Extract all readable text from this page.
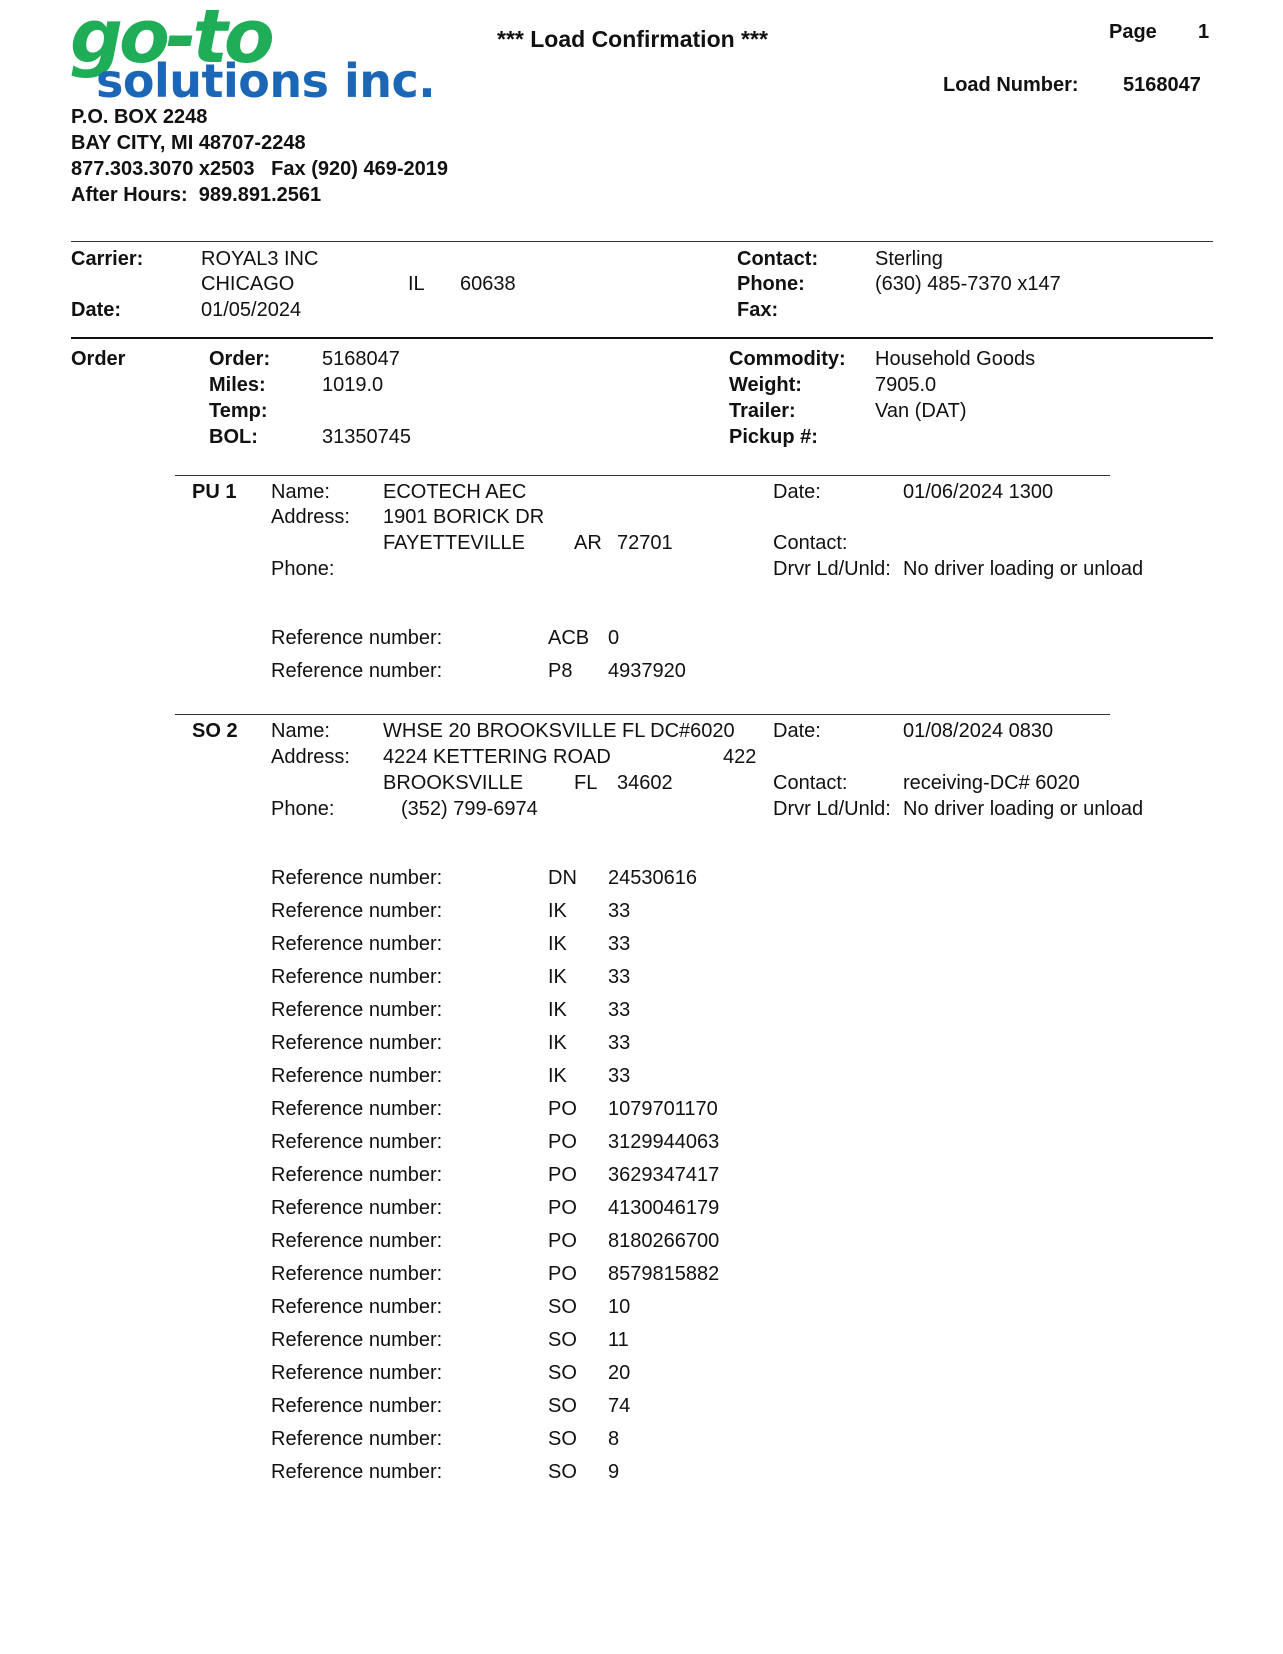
go-to
solutions inc.
P.O. BOX 2248
BAY CITY, MI 48707-2248
877.303.3070 x2503   Fax (920) 469-2019
After Hours:  989.891.2561
*** Load Confirmation ***	Page 1
Load Number: 5168047
Carrier:	ROYAL3 INC
CHICAGO	IL 60638
Date:	01/05/2024
Contact:	Sterling
Phone:	(630) 485-7370 x147
Fax:
Order	Order:	5168047
Miles:	1019.0
Temp:
BOL:	31350745
Commodity: Household Goods
Weight:	7905.0
Trailer:	Van (DAT)
Pickup #:
PU 1 Name:	ECOTECH AEC
Address: 1901 BORICK DR
FAYETTEVILLE AR 72701
Phone:
Date:	01/06/2024 1300
Contact:
Drvr Ld/Unld: No driver loading or unload
Reference number:	ACB 0
Reference number:	P8 4937920
SO 2 Name:	WHSE 20 BROOKSVILLE FL DC#6020
Address: 4224 KETTERING ROAD	422
BROOKSVILLE	FL 34602
Phone:	(352) 799-6974
Date:	01/08/2024 0830
Contact:	receiving-DC# 6020
Drvr Ld/Unld: No driver loading or unload
Reference number:	DN 24530616
Reference number:	IK 33
Reference number:	IK 33
Reference number:	IK 33
Reference number:	IK 33
Reference number:	IK 33
Reference number:	IK 33
Reference number:	PO 1079701170
Reference number:	PO 3129944063
Reference number:	PO 3629347417
Reference number:	PO 4130046179
Reference number:	PO 8180266700
Reference number:	PO 8579815882
Reference number:	SO 10
Reference number:	SO 11
Reference number:	SO 20
Reference number:	SO 74
Reference number:	SO 8
Reference number:	SO 9
